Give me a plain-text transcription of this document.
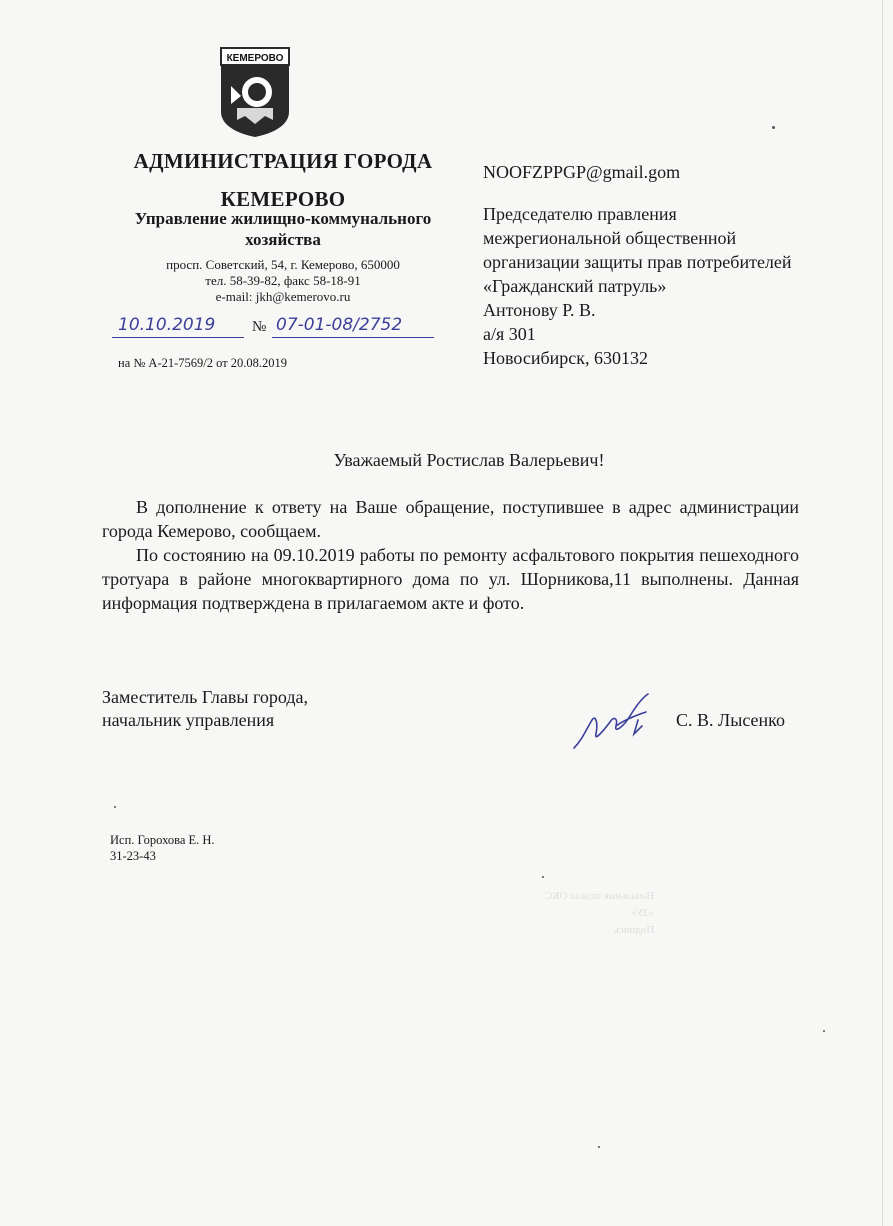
КЕМЕРОВО
АДМИНИСТРАЦИЯ ГОРОДА
КЕМЕРОВО
Управление жилищно-коммунального
хозяйства
просп. Советский, 54, г. Кемерово, 650000
тел. 58-39-82, факс 58-18-91
e-mail: jkh@kemerovo.ru
10.10.2019 № 07-01-08/2752
на № А-21-7569/2 от 20.08.2019
NOOFZPPGP@gmail.gom
Председателю правления
межрегиональной общественной
организации защиты прав потребителей
«Гражданский патруль»
Антонову Р. В.
а/я 301
Новосибирск, 630132
Уважаемый Ростислав Валерьевич!

В дополнение к ответу на Ваше обращение, поступившее в адрес администрации города Кемерово, сообщаем.

По состоянию на 09.10.2019 работы по ремонту асфальтового покрытия пешеходного тротуара в районе многоквартирного дома по ул. Шорникова,11 выполнены. Данная информация подтверждена в прилагаемом акте и фото.

Заместитель Главы города,
начальник управления	С. В. Лысенко
Исп. Горохова Е. Н.
31-23-43
Начальник отдела ОКС
«ЗУ»
Подпись
